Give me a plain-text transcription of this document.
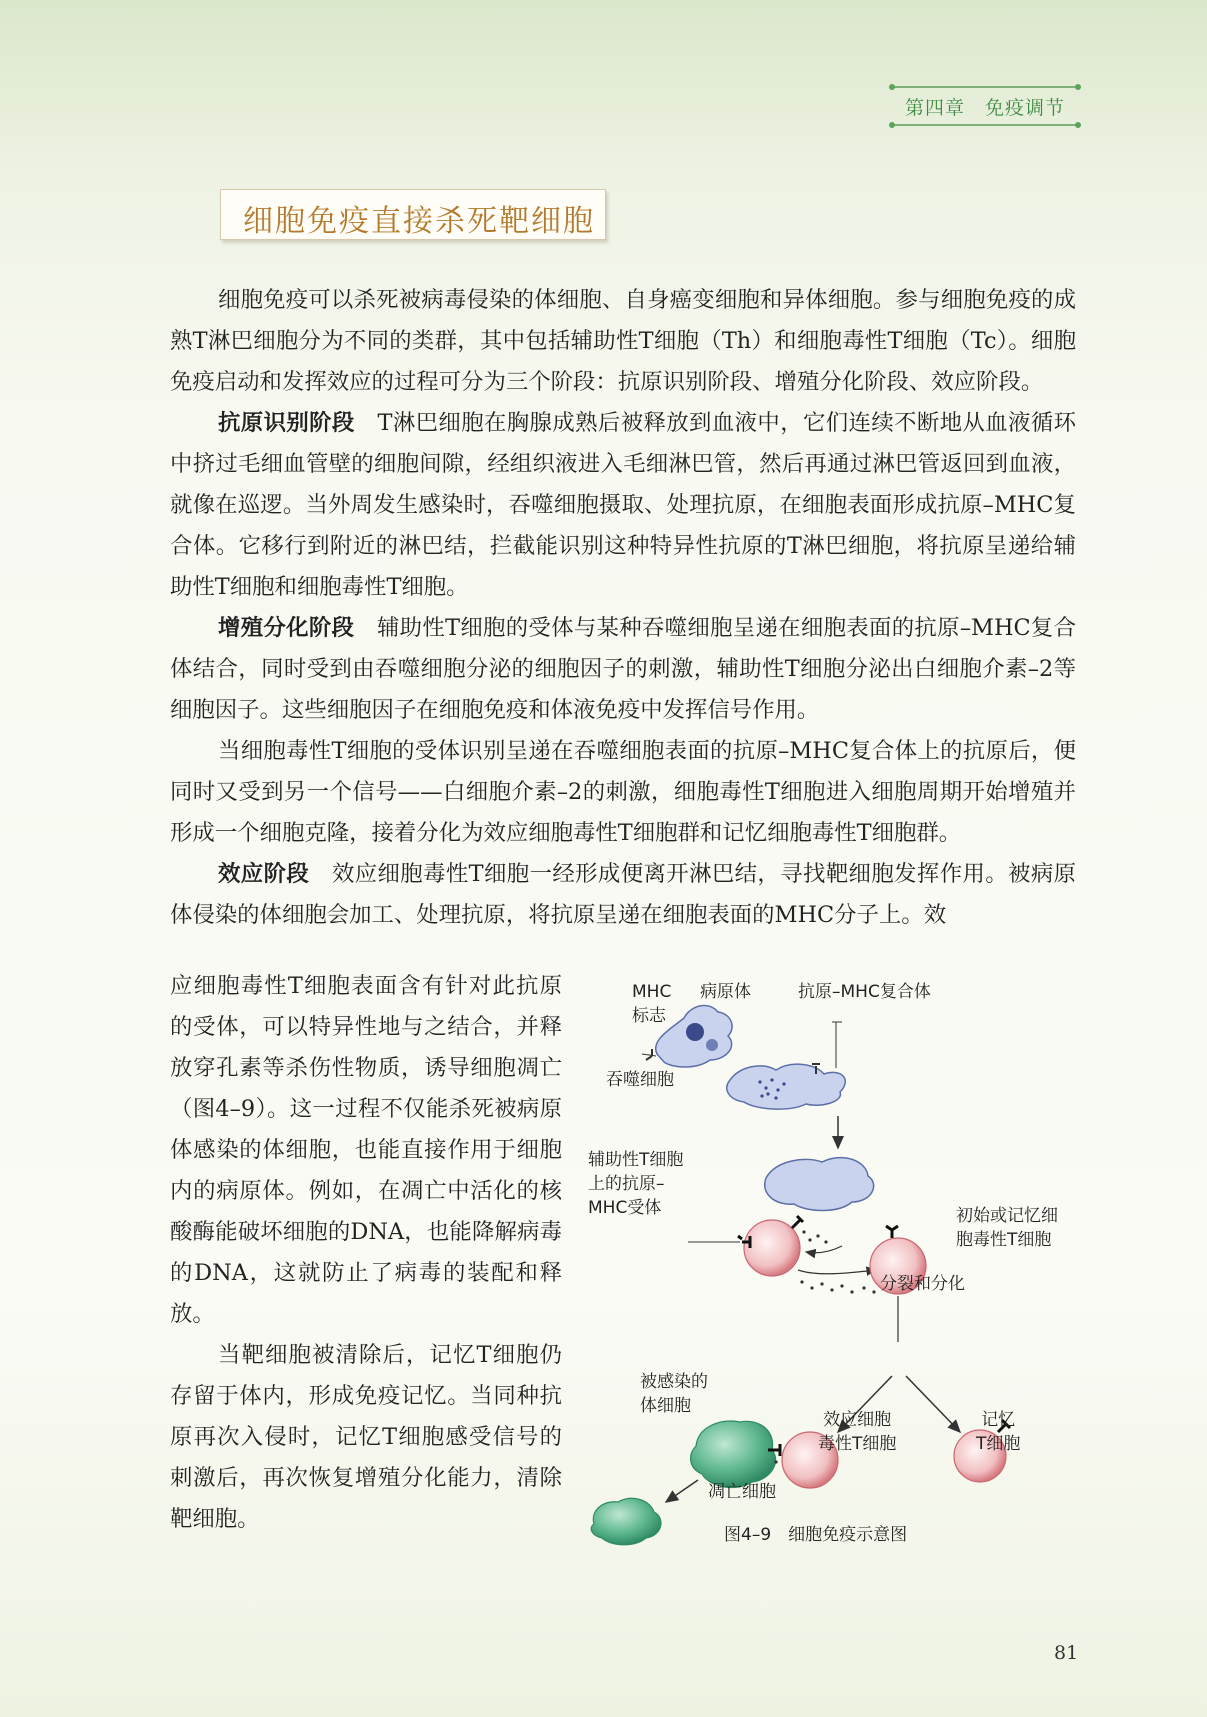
第四章　免疫调节
细胞免疫直接杀死靶细胞

细胞免疫可以杀死被病毒侵染的体细胞、自身癌变细胞和异体细胞。参与细胞免疫的成熟T淋巴细胞分为不同的类群，其中包括辅助性T细胞（Th）和细胞毒性T细胞（Tc）。细胞免疫启动和发挥效应的过程可分为三个阶段：抗原识别阶段、增殖分化阶段、效应阶段。

抗原识别阶段　 T淋巴细胞在胸腺成熟后被释放到血液中，它们连续不断地从血液循环中挤过毛细血管壁的细胞间隙，经组织液进入毛细淋巴管，然后再通过淋巴管返回到血液，就像在巡逻。当外周发生感染时，吞噬细胞摄取、处理抗原，在细胞表面形成抗原–MHC复合体。它移行到附近的淋巴结，拦截能识别这种特异性抗原的T淋巴细胞，将抗原呈递给辅助性T细胞和细胞毒性T细胞。

增殖分化阶段　 辅助性T细胞的受体与某种吞噬细胞呈递在细胞表面的抗原–MHC复合体结合，同时受到由吞噬细胞分泌的细胞因子的刺激，辅助性T细胞分泌出白细胞介素–2等细胞因子。这些细胞因子在细胞免疫和体液免疫中发挥信号作用。

当细胞毒性T细胞的受体识别呈递在吞噬细胞表面的抗原–MHC复合体上的抗原后，便同时又受到另一个信号——白细胞介素–2的刺激，细胞毒性T细胞进入细胞周期开始增殖并形成一个细胞克隆，接着分化为效应细胞毒性T细胞群和记忆细胞毒性T细胞群。

效应阶段　 效应细胞毒性T细胞一经形成便离开淋巴结，寻找靶细胞发挥作用。被病原体侵染的体细胞会加工、处理抗原，将抗原呈递在细胞表面的MHC分子上。效

应细胞毒性T细胞表面含有针对此抗原的受体，可以特异性地与之结合，并释放穿孔素等杀伤性物质，诱导细胞凋亡（图4–9）。这一过程不仅能杀死被病原体感染的体细胞，也能直接作用于细胞内的病原体。例如，在凋亡中活化的核酸酶能破坏细胞的DNA，也能降解病毒的DNA，这就防止了病毒的装配和释放。

当靶细胞被清除后，记忆T细胞仍存留于体内，形成免疫记忆。当同种抗原再次入侵时，记忆T细胞感受信号的刺激后，再次恢复增殖分化能力，清除靶细胞。

MHC
标志
病原体	抗原–MHC复合体
吞噬细胞
辅助性T细胞
上的抗原–
MHC受体	初始或记忆细
胞毒性T细胞
分裂和分化
被感染的
体细胞
效应细胞
毒性T细胞
记忆
T细胞
凋亡细胞
图4–9　细胞免疫示意图
81
